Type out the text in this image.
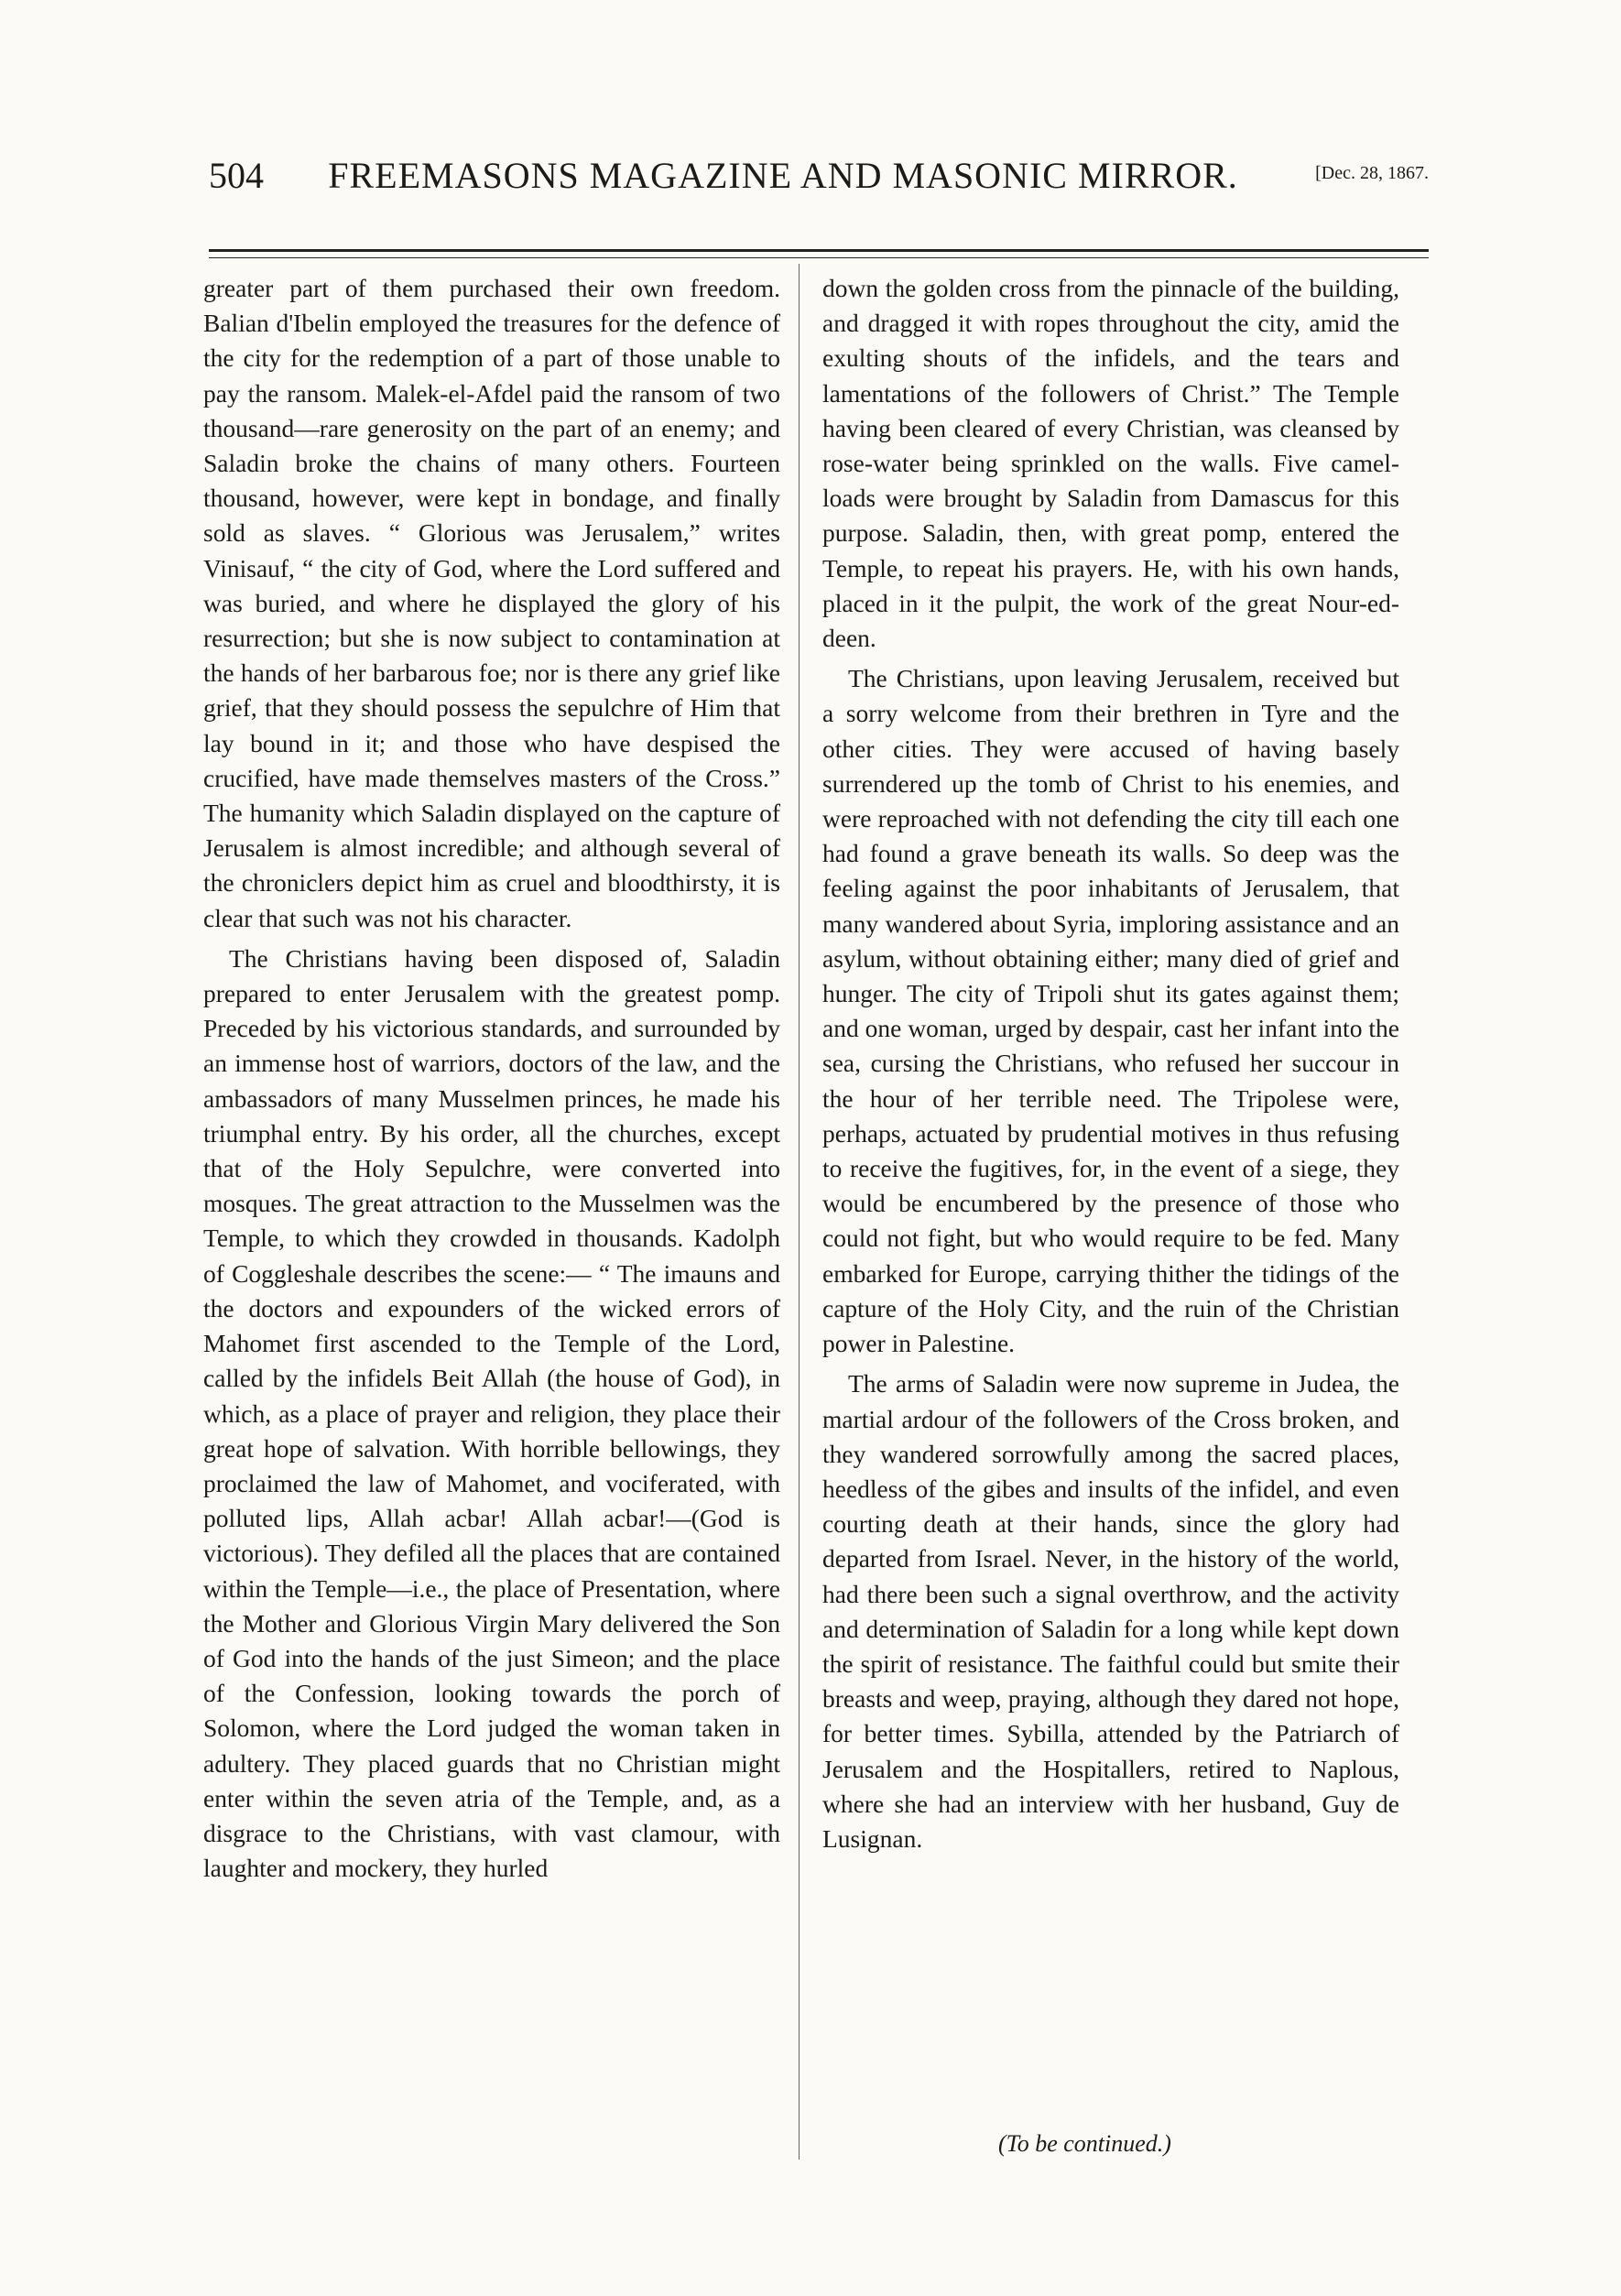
504	FREEMASONS MAGAZINE AND MASONIC MIRROR.	[Dec. 28, 1867.

greater part of them purchased their own freedom. Balian d'Ibelin employed the treasures for the defence of the city for the redemption of a part of those unable to pay the ransom. Malek-el-Afdel paid the ransom of two thousand—rare generosity on the part of an enemy; and Saladin broke the chains of many others. Fourteen thousand, however, were kept in bondage, and finally sold as slaves. “ Glorious was Jerusalem,” writes Vinisauf, “ the city of God, where the Lord suffered and was buried, and where he displayed the glory of his resurrection; but she is now subject to contamination at the hands of her barbarous foe; nor is there any grief like grief, that they should possess the sepulchre of Him that lay bound in it; and those who have despised the crucified, have made themselves masters of the Cross.” The humanity which Saladin displayed on the capture of Jerusalem is almost incredible; and although several of the chroniclers depict him as cruel and bloodthirsty, it is clear that such was not his character.

The Christians having been disposed of, Saladin prepared to enter Jerusalem with the greatest pomp. Preceded by his victorious standards, and surrounded by an immense host of warriors, doctors of the law, and the ambassadors of many Musselmen princes, he made his triumphal entry. By his order, all the churches, except that of the Holy Sepulchre, were converted into mosques. The great attraction to the Musselmen was the Temple, to which they crowded in thousands. Kadolph of Coggleshale describes the scene:— “ The imauns and the doctors and expounders of the wicked errors of Mahomet first ascended to the Temple of the Lord, called by the infidels Beit Allah (the house of God), in which, as a place of prayer and religion, they place their great hope of salvation. With horrible bellowings, they proclaimed the law of Mahomet, and vociferated, with polluted lips, Allah acbar! Allah acbar!—(God is victorious). They defiled all the places that are contained within the Temple—i.e., the place of Presentation, where the Mother and Glorious Virgin Mary delivered the Son of God into the hands of the just Simeon; and the place of the Confession, looking towards the porch of Solomon, where the Lord judged the woman taken in adultery. They placed guards that no Christian might enter within the seven atria of the Temple, and, as a disgrace to the Christians, with vast clamour, with laughter and mockery, they hurled

down the golden cross from the pinnacle of the building, and dragged it with ropes throughout the city, amid the exulting shouts of the infidels, and the tears and lamentations of the followers of Christ.” The Temple having been cleared of every Christian, was cleansed by rose-water being sprinkled on the walls. Five camel-loads were brought by Saladin from Damascus for this purpose. Saladin, then, with great pomp, entered the Temple, to repeat his prayers. He, with his own hands, placed in it the pulpit, the work of the great Nour-ed-deen.

The Christians, upon leaving Jerusalem, received but a sorry welcome from their brethren in Tyre and the other cities. They were accused of having basely surrendered up the tomb of Christ to his enemies, and were reproached with not defending the city till each one had found a grave beneath its walls. So deep was the feeling against the poor inhabitants of Jerusalem, that many wandered about Syria, imploring assistance and an asylum, without obtaining either; many died of grief and hunger. The city of Tripoli shut its gates against them; and one woman, urged by despair, cast her infant into the sea, cursing the Christians, who refused her succour in the hour of her terrible need. The Tripolese were, perhaps, actuated by prudential motives in thus refusing to receive the fugitives, for, in the event of a siege, they would be encumbered by the presence of those who could not fight, but who would require to be fed. Many embarked for Europe, carrying thither the tidings of the capture of the Holy City, and the ruin of the Christian power in Palestine.

The arms of Saladin were now supreme in Judea, the martial ardour of the followers of the Cross broken, and they wandered sorrowfully among the sacred places, heedless of the gibes and insults of the infidel, and even courting death at their hands, since the glory had departed from Israel. Never, in the history of the world, had there been such a signal overthrow, and the activity and determination of Saladin for a long while kept down the spirit of resistance. The faithful could but smite their breasts and weep, praying, although they dared not hope, for better times. Sybilla, attended by the Patriarch of Jerusalem and the Hospitallers, retired to Naplous, where she had an interview with her husband, Guy de Lusignan.

(To be continued.)
